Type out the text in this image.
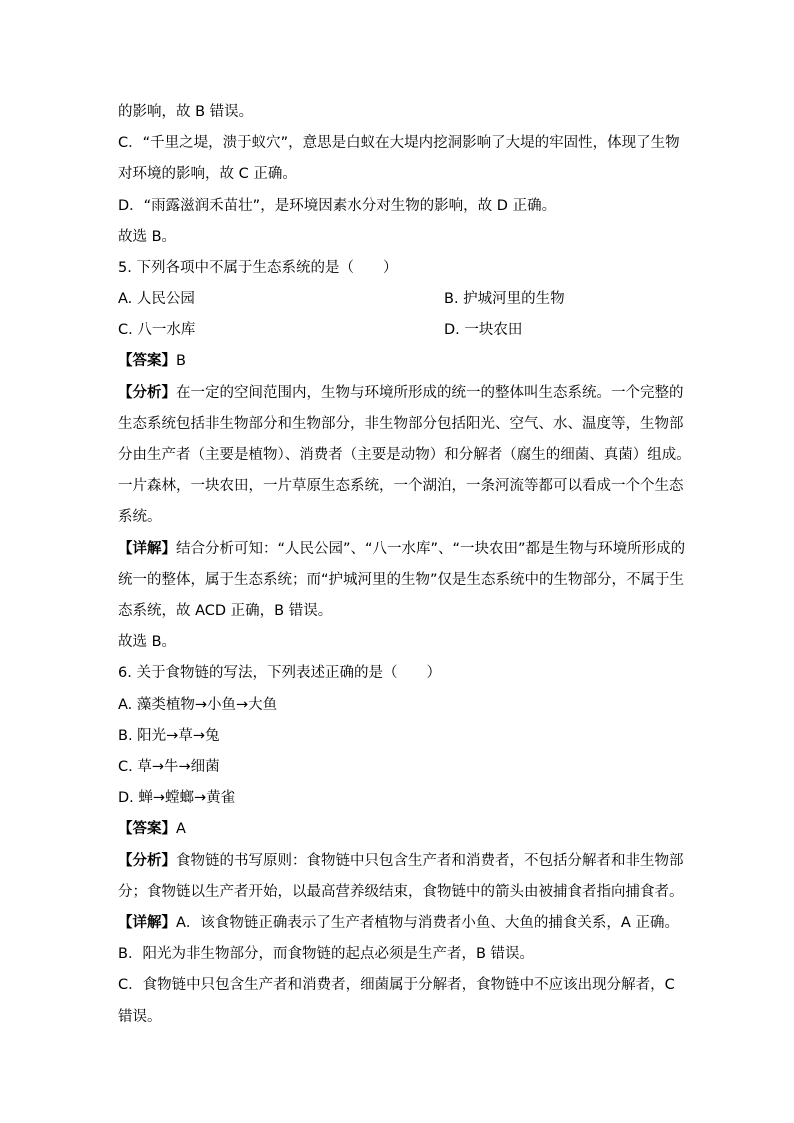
的影响，故 B 错误。
C．“千里之堤，溃于蚁穴”，意思是白蚁在大堤内挖洞影响了大堤的牢固性，体现了生物
对环境的影响，故 C 正确。
D．“雨露滋润禾苗壮”，是环境因素水分对生物的影响，故 D 正确。
故选 B。
5. 下列各项中不属于生态系统的是（　　）
A. 人民公园	B. 护城河里的生物
C. 八一水库	D. 一块农田
【答案】B
【分析】在一定的空间范围内，生物与环境所形成的统一的整体叫生态系统。一个完整的
生态系统包括非生物部分和生物部分，非生物部分包括阳光、空气、水、温度等，生物部
分由生产者（主要是植物）、消费者（主要是动物）和分解者（腐生的细菌、真菌）组成。
一片森林，一块农田，一片草原生态系统，一个湖泊，一条河流等都可以看成一个个生态
系统。
【详解】结合分析可知：“人民公园”、“八一水库”、“一块农田”都是生物与环境所形成的
统一的整体，属于生态系统；而“护城河里的生物”仅是生态系统中的生物部分，不属于生
态系统，故 ACD 正确，B 错误。
故选 B。
6. 关于食物链的写法，下列表述正确的是（　　）
A. 藻类植物→小鱼→大鱼
B. 阳光→草→兔
C. 草→牛→细菌
D. 蝉→螳螂→黄雀
【答案】A
【分析】食物链的书写原则：食物链中只包含生产者和消费者，不包括分解者和非生物部
分；食物链以生产者开始，以最高营养级结束，食物链中的箭头由被捕食者指向捕食者。
【详解】A．该食物链正确表示了生产者植物与消费者小鱼、大鱼的捕食关系，A 正确。
B．阳光为非生物部分，而食物链的起点必须是生产者，B 错误。
C．食物链中只包含生产者和消费者，细菌属于分解者，食物链中不应该出现分解者，C
错误。
